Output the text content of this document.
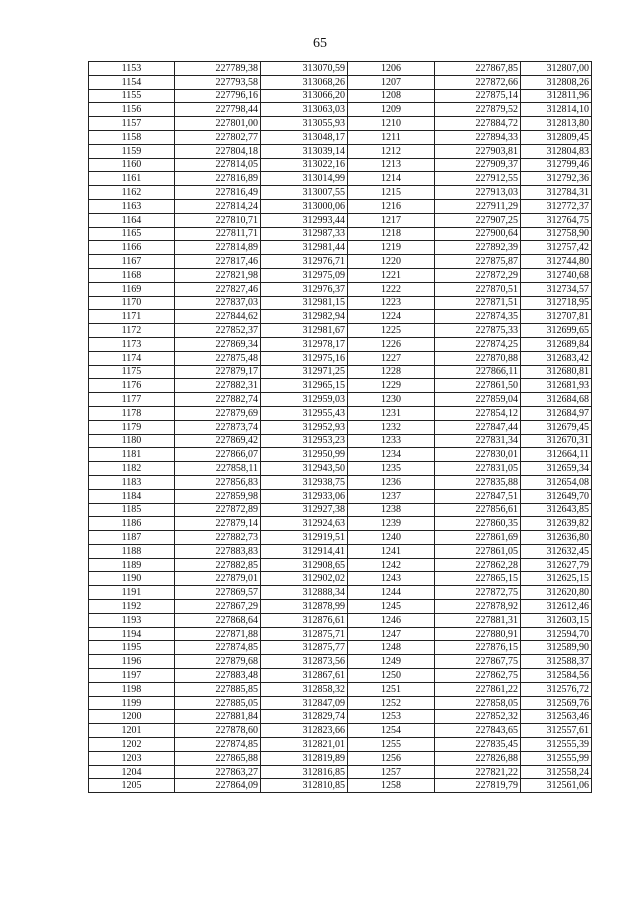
65
1153	227789,38	313070,59	1206	227867,85	312807,00
1154	227793,58	313068,26	1207	227872,66	312808,26
1155	227796,16	313066,20	1208	227875,14	312811,96
1156	227798,44	313063,03	1209	227879,52	312814,10
1157	227801,00	313055,93	1210	227884,72	312813,80
1158	227802,77	313048,17	1211	227894,33	312809,45
1159	227804,18	313039,14	1212	227903,81	312804,83
1160	227814,05	313022,16	1213	227909,37	312799,46
1161	227816,89	313014,99	1214	227912,55	312792,36
1162	227816,49	313007,55	1215	227913,03	312784,31
1163	227814,24	313000,06	1216	227911,29	312772,37
1164	227810,71	312993,44	1217	227907,25	312764,75
1165	227811,71	312987,33	1218	227900,64	312758,90
1166	227814,89	312981,44	1219	227892,39	312757,42
1167	227817,46	312976,71	1220	227875,87	312744,80
1168	227821,98	312975,09	1221	227872,29	312740,68
1169	227827,46	312976,37	1222	227870,51	312734,57
1170	227837,03	312981,15	1223	227871,51	312718,95
1171	227844,62	312982,94	1224	227874,35	312707,81
1172	227852,37	312981,67	1225	227875,33	312699,65
1173	227869,34	312978,17	1226	227874,25	312689,84
1174	227875,48	312975,16	1227	227870,88	312683,42
1175	227879,17	312971,25	1228	227866,11	312680,81
1176	227882,31	312965,15	1229	227861,50	312681,93
1177	227882,74	312959,03	1230	227859,04	312684,68
1178	227879,69	312955,43	1231	227854,12	312684,97
1179	227873,74	312952,93	1232	227847,44	312679,45
1180	227869,42	312953,23	1233	227831,34	312670,31
1181	227866,07	312950,99	1234	227830,01	312664,11
1182	227858,11	312943,50	1235	227831,05	312659,34
1183	227856,83	312938,75	1236	227835,88	312654,08
1184	227859,98	312933,06	1237	227847,51	312649,70
1185	227872,89	312927,38	1238	227856,61	312643,85
1186	227879,14	312924,63	1239	227860,35	312639,82
1187	227882,73	312919,51	1240	227861,69	312636,80
1188	227883,83	312914,41	1241	227861,05	312632,45
1189	227882,85	312908,65	1242	227862,28	312627,79
1190	227879,01	312902,02	1243	227865,15	312625,15
1191	227869,57	312888,34	1244	227872,75	312620,80
1192	227867,29	312878,99	1245	227878,92	312612,46
1193	227868,64	312876,61	1246	227881,31	312603,15
1194	227871,88	312875,71	1247	227880,91	312594,70
1195	227874,85	312875,77	1248	227876,15	312589,90
1196	227879,68	312873,56	1249	227867,75	312588,37
1197	227883,48	312867,61	1250	227862,75	312584,56
1198	227885,85	312858,32	1251	227861,22	312576,72
1199	227885,05	312847,09	1252	227858,05	312569,76
1200	227881,84	312829,74	1253	227852,32	312563,46
1201	227878,60	312823,66	1254	227843,65	312557,61
1202	227874,85	312821,01	1255	227835,45	312555,39
1203	227865,88	312819,89	1256	227826,88	312555,99
1204	227863,27	312816,85	1257	227821,22	312558,24
1205	227864,09	312810,85	1258	227819,79	312561,06
